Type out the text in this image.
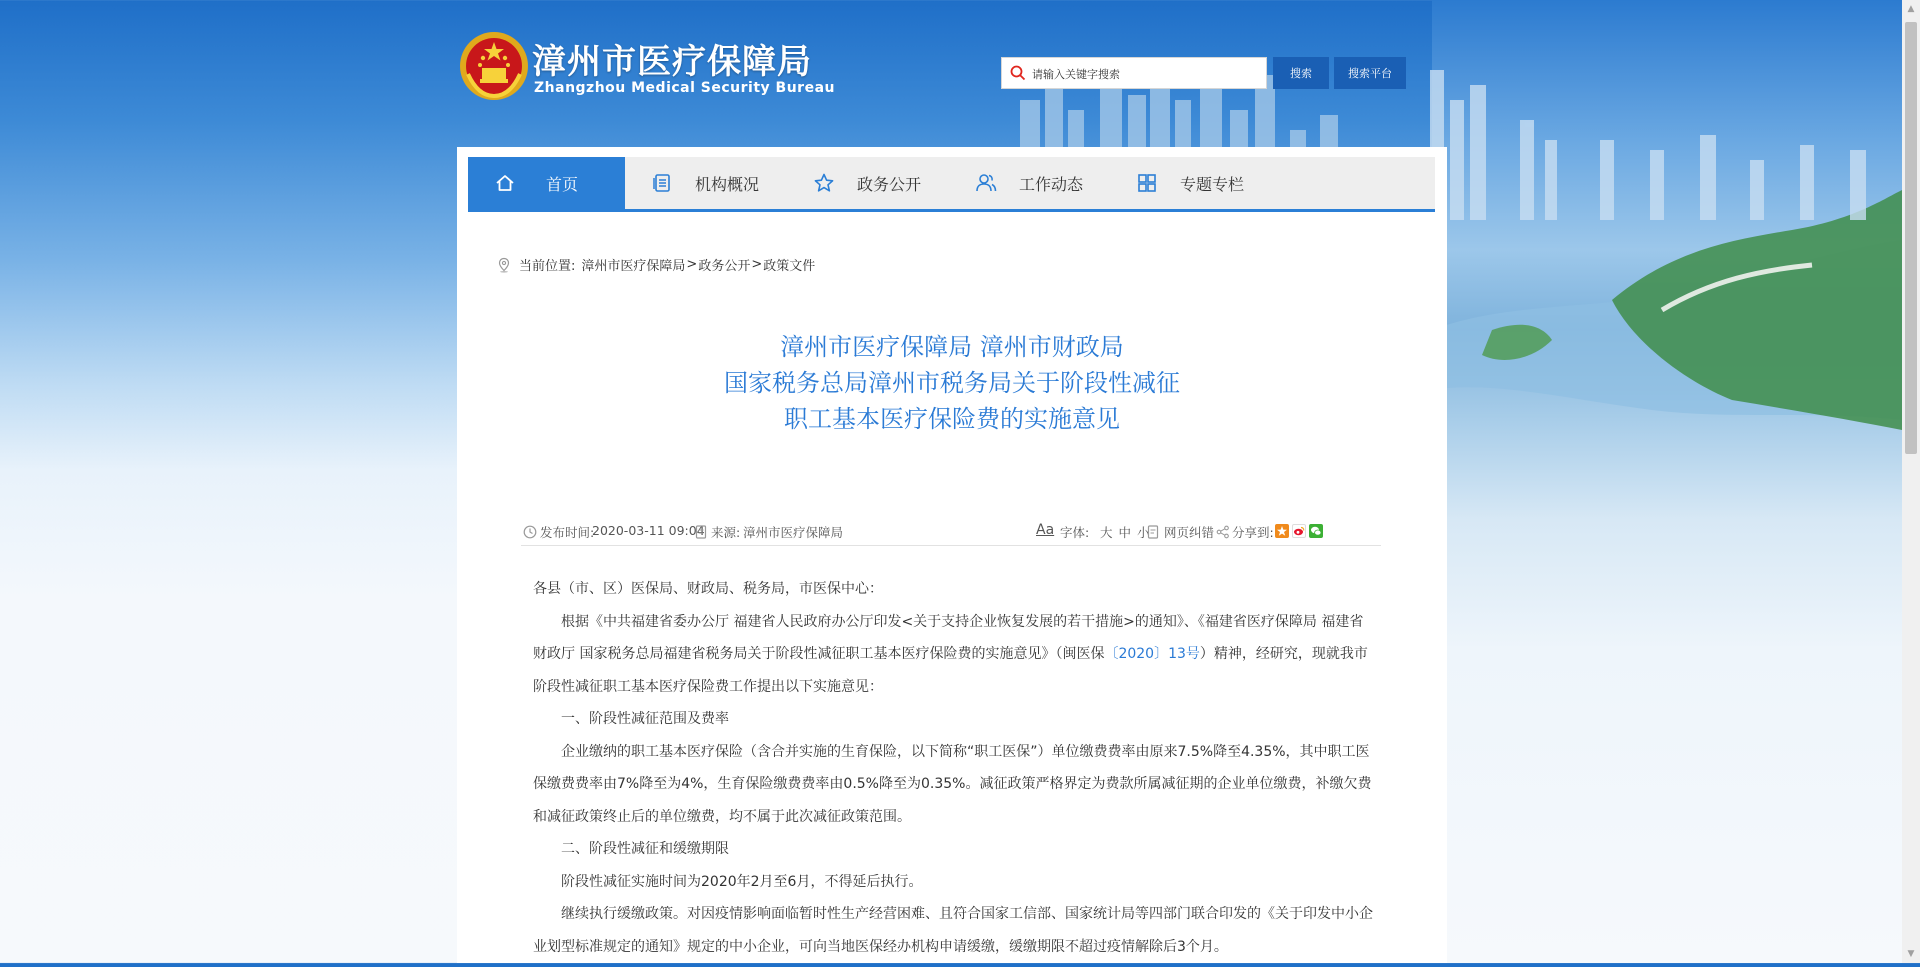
▲
▼
漳州市医疗保障局
Zhangzhou Medical Security Bureau
请输入关键字搜索
搜索	搜索平台
首页	机构概况	政务公开	工作动态	专题专栏
当前位置: 漳州市医疗保障局 > 政务公开 > 政策文件
漳州市医疗保障局 漳州市财政局
国家税务总局漳州市税务局关于阶段性减征
职工基本医疗保险费的实施意见
发布时间:
2020-03-11 09:04 来源: 漳州市医疗保障局	Aa 字体: 大 中 小 网页纠错 分享到:

各县（市、区）医保局、财政局、税务局，市医保中心：

根据《中共福建省委办公厅 福建省人民政府办公厅印发<关于支持企业恢复发展的若干措施>的通知》、《福建省医疗保障局 福建省财政厅 国家税务总局福建省税务局关于阶段性减征职工基本医疗保险费的实施意见》（闽医保〔2020〕13号）精神，经研究，现就我市阶段性减征职工基本医疗保险费工作提出以下实施意见：

一、阶段性减征范围及费率

企业缴纳的职工基本医疗保险（含合并实施的生育保险，以下简称“职工医保”）单位缴费费率由原来7.5%降至4.35%，其中职工医保缴费费率由7%降至为4%，生育保险缴费费率由0.5%降至为0.35%。减征政策严格界定为费款所属减征期的企业单位缴费，补缴欠费和减征政策终止后的单位缴费，均不属于此次减征政策范围。

二、阶段性减征和缓缴期限

阶段性减征实施时间为2020年2月至6月，不得延后执行。

继续执行缓缴政策。对因疫情影响面临暂时性生产经营困难、且符合国家工信部、国家统计局等四部门联合印发的《关于印发中小企业划型标准规定的通知》规定的中小企业，可向当地医保经办机构申请缓缴，缓缴期限不超过疫情解除后3个月。
